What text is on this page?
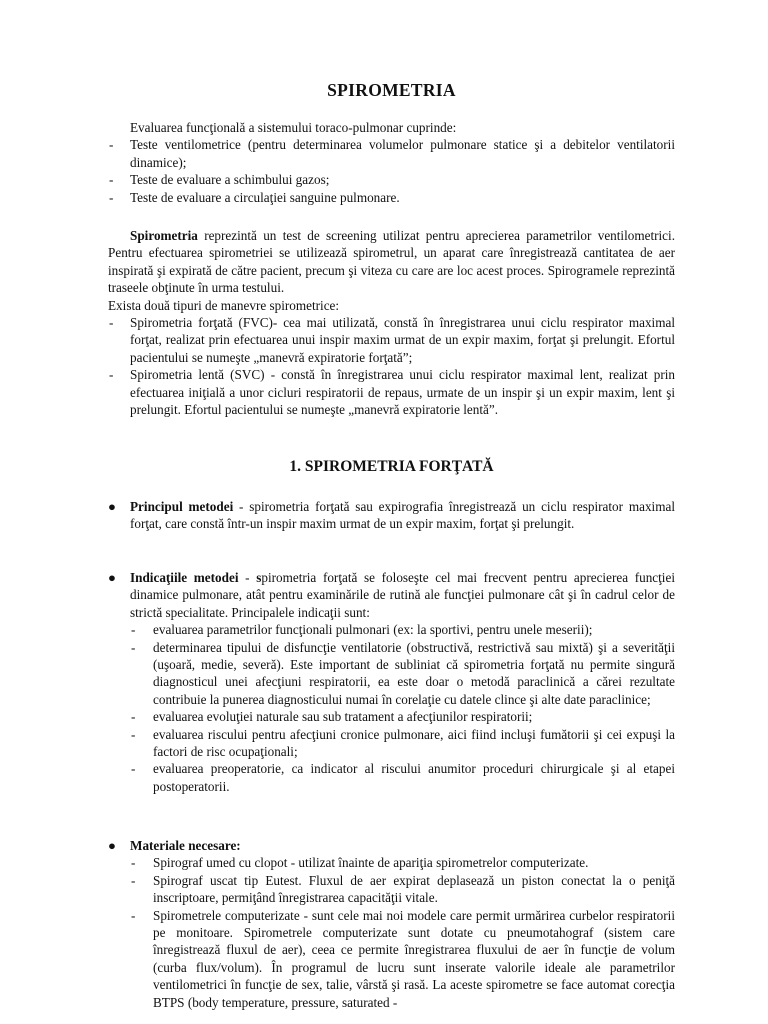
SPIROMETRIA

Evaluarea funcţională a sistemului toraco-pulmonar cuprinde:

- Teste ventilometrice (pentru determinarea volumelor pulmonare statice şi a debitelor ventilatorii dinamice);
- Teste de evaluare a schimbului gazos;
- Teste de evaluare a circulaţiei sanguine pulmonare.

Spirometria reprezintă un test de screening utilizat pentru aprecierea parametrilor ventilometrici. Pentru efectuarea spirometriei se utilizează spirometrul, un aparat care înregistrează cantitatea de aer inspirată şi expirată de către pacient, precum şi viteza cu care are loc acest proces. Spirogramele reprezintă traseele obţinute în urma testului.

Exista două tipuri de manevre spirometrice:

- Spirometria forţată (FVC)- cea mai utilizată, constă în înregistrarea unui ciclu respirator maximal forţat, realizat prin efectuarea unui inspir maxim urmat de un expir maxim, forţat şi prelungit. Efortul pacientului se numeşte „manevră expiratorie forţată”;
- Spirometria lentă (SVC) - constă în înregistrarea unui ciclu respirator maximal lent, realizat prin efectuarea iniţială a unor cicluri respiratorii de repaus, urmate de un inspir şi un expir maxim, lent şi prelungit. Efortul pacientului se numeşte „manevră expiratorie lentă”.
1. SPIROMETRIA FORŢATĂ
● Principul metodei - spirometria forţată sau expirografia înregistrează un ciclu respirator maximal forţat, care constă într-un inspir maxim urmat de un expir maxim, forţat şi prelungit.
● Indicaţiile metodei - spirometria forţată se foloseşte cel mai frecvent pentru aprecierea funcţiei dinamice pulmonare, atât pentru examinările de rutină ale funcţiei pulmonare cât şi în cadrul celor de strictă specialitate. Principalele indicaţii sunt:
- evaluarea parametrilor funcţionali pulmonari (ex: la sportivi, pentru unele meserii);
- determinarea tipului de disfuncţie ventilatorie (obstructivă, restrictivă sau mixtă) şi a severităţii (uşoară, medie, severă). Este important de subliniat că spirometria forţată nu permite singură diagnosticul unei afecţiuni respiratorii, ea este doar o metodă paraclinică a cărei rezultate contribuie la punerea diagnosticului numai în corelaţie cu datele clince şi alte date paraclinice;
- evaluarea evoluţiei naturale sau sub tratament a afecţiunilor respiratorii;
- evaluarea riscului pentru afecţiuni cronice pulmonare, aici fiind incluşi fumătorii şi cei expuşi la factori de risc ocupaţionali;
- evaluarea preoperatorie, ca indicator al riscului anumitor proceduri chirurgicale şi al etapei postoperatorii.
● Materiale necesare:
- Spirograf umed cu clopot - utilizat înainte de apariţia spirometrelor computerizate.
- Spirograf uscat tip Eutest. Fluxul de aer expirat deplasează un piston conectat la o peniţă inscriptoare, permiţând înregistrarea capacităţii vitale.
- Spirometrele computerizate - sunt cele mai noi modele care permit urmărirea curbelor respiratorii pe monitoare. Spirometrele computerizate sunt dotate cu pneumotahograf (sistem care înregistrează fluxul de aer), ceea ce permite înregistrarea fluxului de aer în funcţie de volum (curba flux/volum). În programul de lucru sunt inserate valorile ideale ale parametrilor ventilometrici în funcţie de sex, talie, vârstă şi rasă. La aceste spirometre se face automat corecţia BTPS (body temperature, pressure, saturated -
